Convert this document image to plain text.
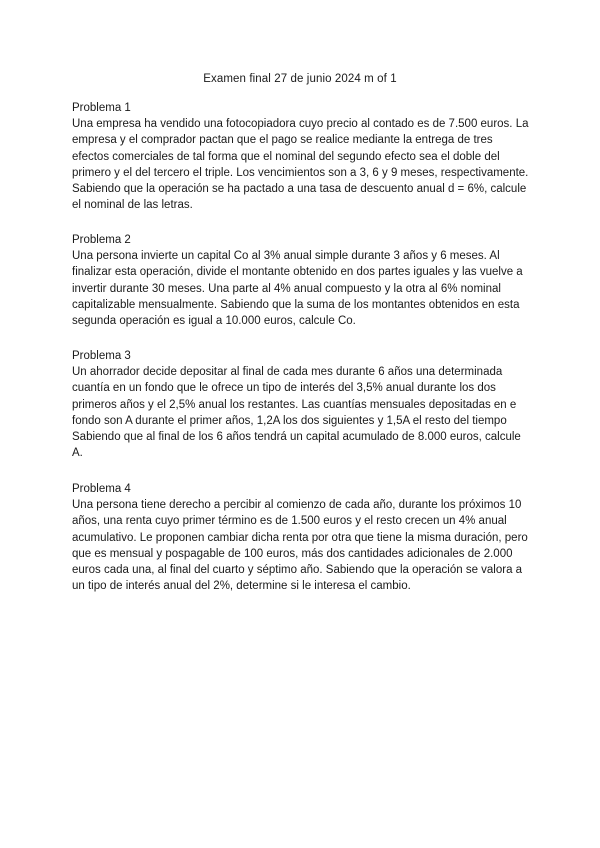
Examen final 27 de junio 2024 m of 1
Problema 1

Una empresa ha vendido una fotocopiadora cuyo precio al contado es de 7.500 euros. La empresa y el comprador pactan que el pago se realice mediante la entrega de tres efectos comerciales de tal forma que el nominal del segundo efecto sea el doble del primero y el del tercero el triple. Los vencimientos son a 3, 6 y 9 meses, respectivamente. Sabiendo que la operación se ha pactado a una tasa de descuento anual d = 6%, calcule el nominal de las letras.

Problema 2

Una persona invierte un capital Co al 3% anual simple durante 3 años y 6 meses. Al finalizar esta operación, divide el montante obtenido en dos partes iguales y las vuelve a invertir durante 30 meses. Una parte al 4% anual compuesto y la otra al 6% nominal capitalizable mensualmente. Sabiendo que la suma de los montantes obtenidos en esta segunda operación es igual a 10.000 euros, calcule Co.

Problema 3

Un ahorrador decide depositar al final de cada mes durante 6 años una determinada cuantía en un fondo que le ofrece un tipo de interés del 3,5% anual durante los dos primeros años y el 2,5% anual los restantes. Las cuantías mensuales depositadas en e fondo son A durante el primer años, 1,2A los dos siguientes y 1,5A el resto del tiempo

Sabiendo que al final de los 6 años tendrá un capital acumulado de 8.000 euros, calcule A.

Problema 4

Una persona tiene derecho a percibir al comienzo de cada año, durante los próximos 10 años, una renta cuyo primer término es de 1.500 euros y el resto crecen un 4% anual acumulativo. Le proponen cambiar dicha renta por otra que tiene la misma duración, pero que es mensual y pospagable de 100 euros, más dos cantidades adicionales de 2.000 euros cada una, al final del cuarto y séptimo año. Sabiendo que la operación se valora a un tipo de interés anual del 2%, determine si le interesa el cambio.
